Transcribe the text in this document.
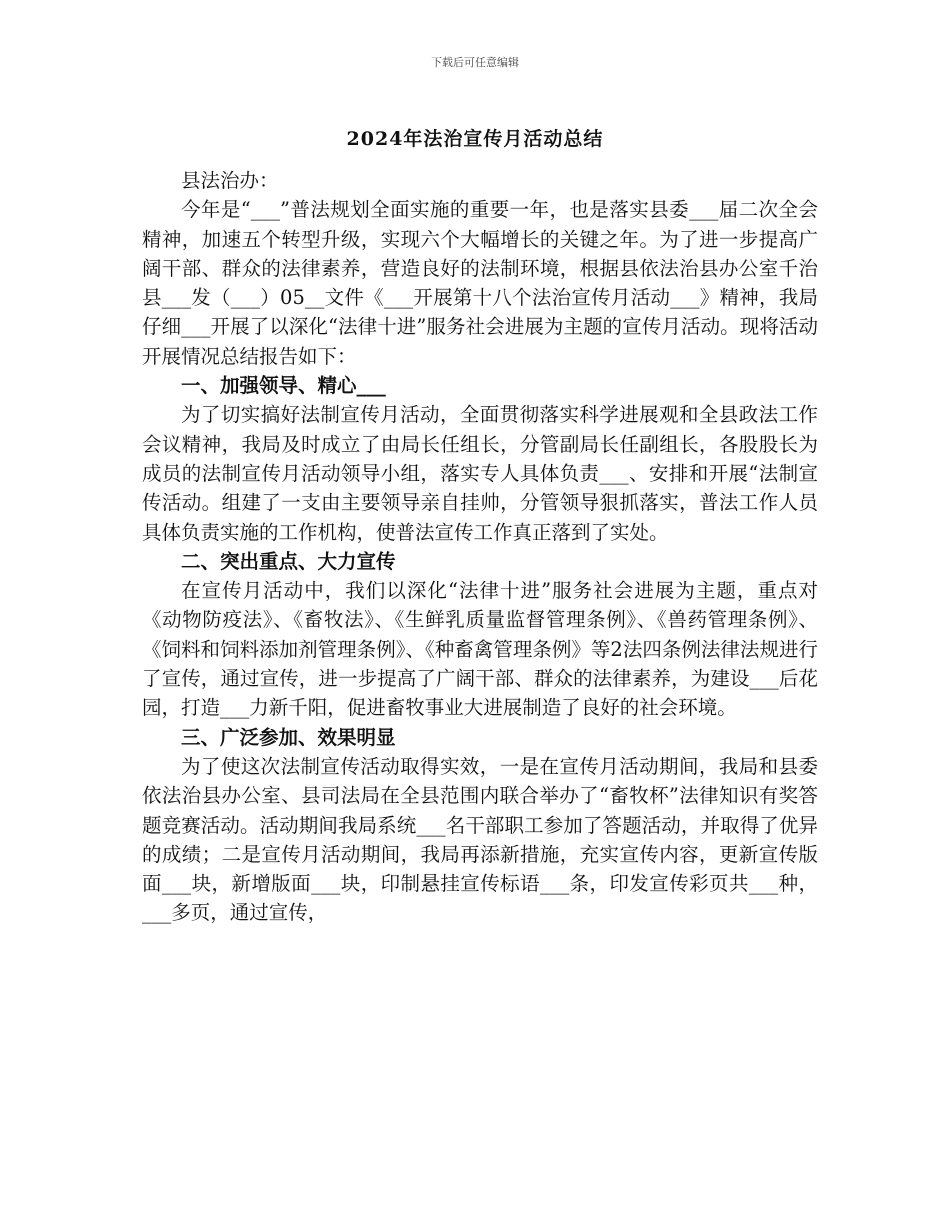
下载后可任意编辑
2024年法治宣传月活动总结

县法治办：

今年是“___”普法规划全面实施的重要一年，也是落实县委___届二次全会精神，加速五个转型升级，实现六个大幅增长的关键之年。为了进一步提高广阔干部、群众的法律素养，营造良好的法制环境，根据县依法治县办公室千治县___发（___）05__文件《___开展第十八个法治宣传月活动___》精神，我局仔细___开展了以深化“法律十进”服务社会进展为主题的宣传月活动。现将活动开展情况总结报告如下：

一、加强领导、精心___

为了切实搞好法制宣传月活动，全面贯彻落实科学进展观和全县政法工作会议精神，我局及时成立了由局长任组长，分管副局长任副组长，各股股长为成员的法制宣传月活动领导小组，落实专人具体负责___、安排和开展“法制宣传活动。组建了一支由主要领导亲自挂帅，分管领导狠抓落实，普法工作人员具体负责实施的工作机构，使普法宣传工作真正落到了实处。

二、突出重点、大力宣传

在宣传月活动中，我们以深化“法律十进”服务社会进展为主题，重点对《动物防疫法》、《畜牧法》、《生鲜乳质量监督管理条例》、《兽药管理条例》、《饲料和饲料添加剂管理条例》、《种畜禽管理条例》等2法四条例法律法规进行了宣传，通过宣传，进一步提高了广阔干部、群众的法律素养，为建设___后花园，打造___力新千阳，促进畜牧事业大进展制造了良好的社会环境。

三、广泛参加、效果明显

为了使这次法制宣传活动取得实效，一是在宣传月活动期间，我局和县委依法治县办公室、县司法局在全县范围内联合举办了“畜牧杯”法律知识有奖答题竞赛活动。活动期间我局系统___名干部职工参加了答题活动，并取得了优异的成绩；二是宣传月活动期间，我局再添新措施，充实宣传内容，更新宣传版面___块，新增版面___块，印制悬挂宣传标语___条，印发宣传彩页共___种，___多页，通过宣传，
